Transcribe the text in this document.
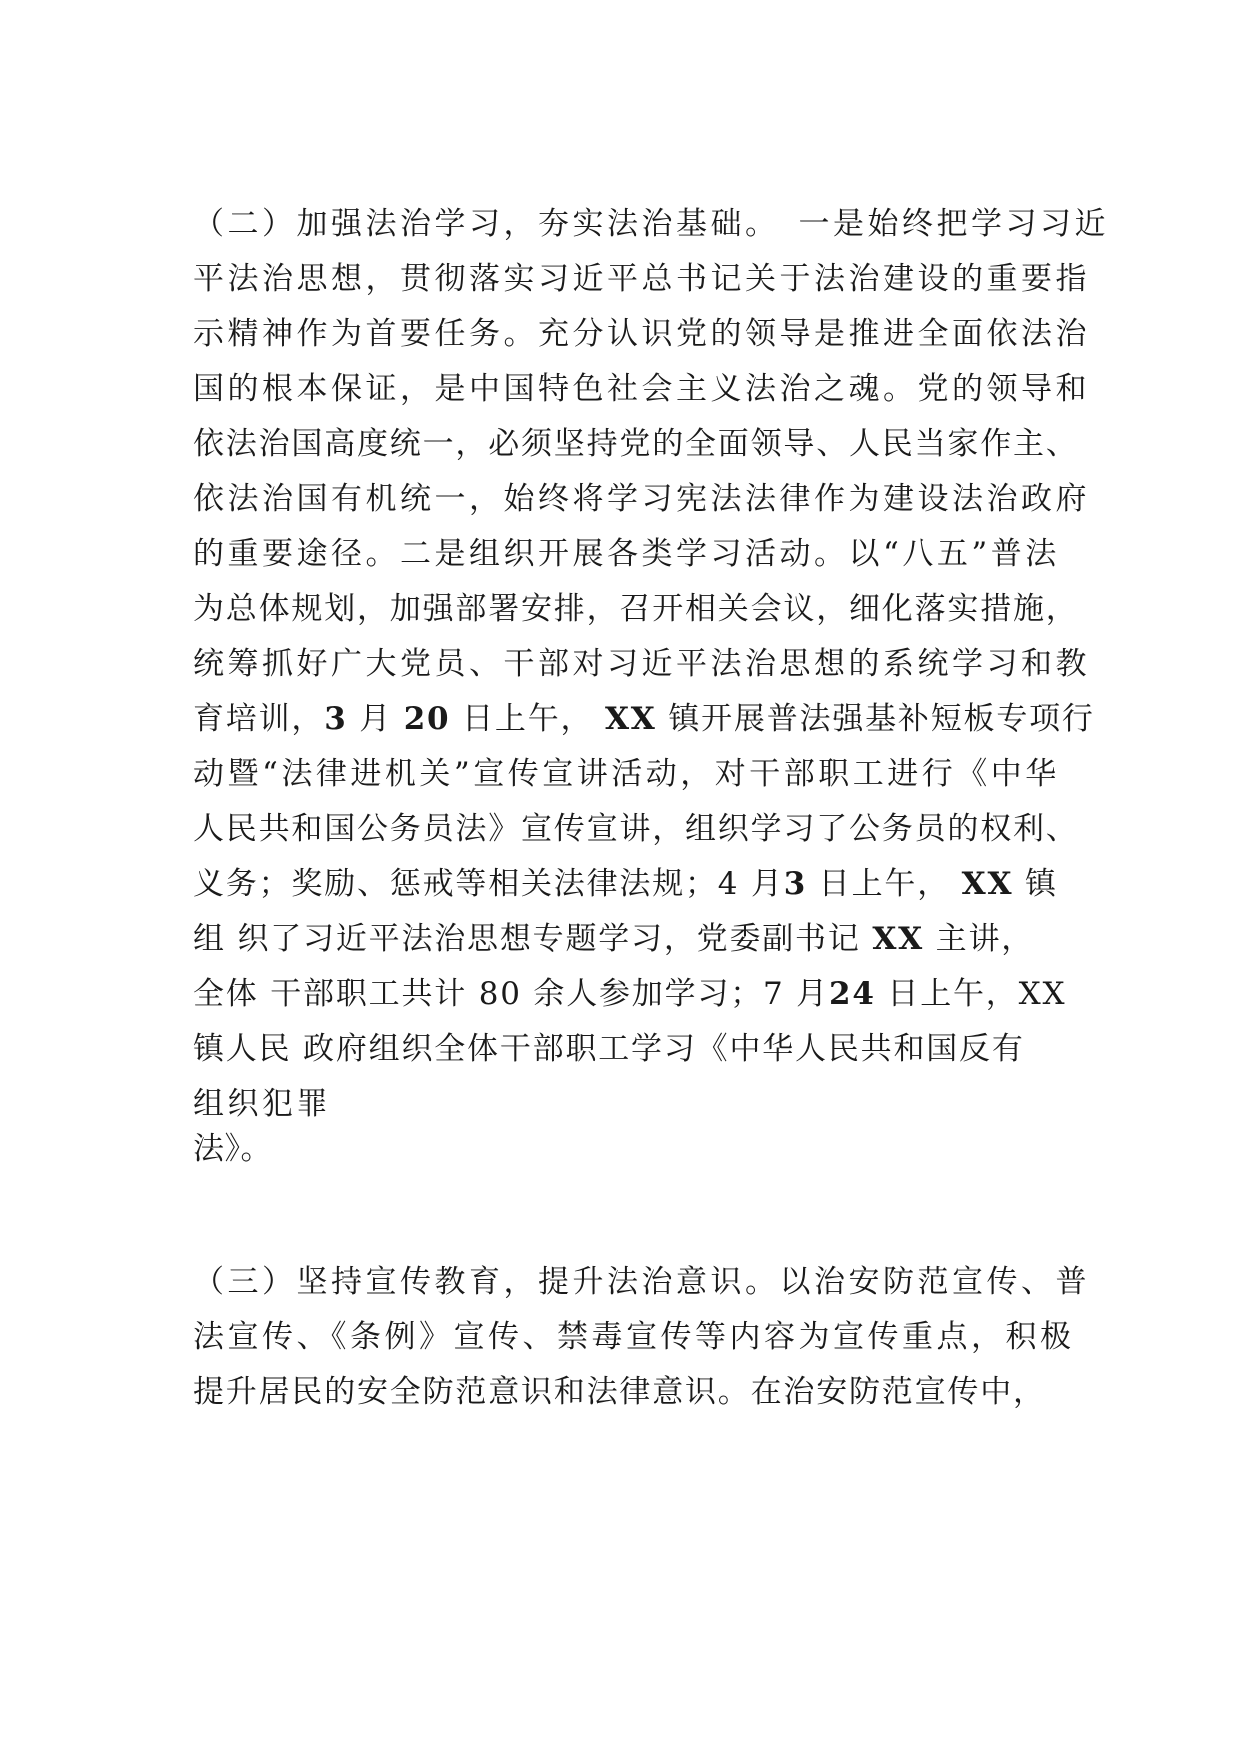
（二）加强法治学习，夯实法治基础。　一是始终把学习习近
平法治思想，贯彻落实习近平总书记关于法治建设的重要指
示精神作为首要任务。充分认识党的领导是推进全面依法治
国的根本保证，是中国特色社会主义法治之魂。党的领导和
依法治国高度统一，必须坚持党的全面领导、人民当家作主、
依法治国有机统一，始终将学习宪法法律作为建设法治政府
的重要途径。二是组织开展各类学习活动。以“八五”普法
为总体规划，加强部署安排，召开相关会议，细化落实措施，
统筹抓好广大党员、干部对习近平法治思想的系统学习和教
育培训，3 月 20 日上午， XX 镇开展普法强基补短板专项行
动暨“法律进机关”宣传宣讲活动，对干部职工进行《中华
人民共和国公务员法》宣传宣讲，组织学习了公务员的权利、
义务；奖励、惩戒等相关法律法规；4 月3 日上午， XX 镇
组 织了习近平法治思想专题学习，党委副书记 XX 主讲，
全体 干部职工共计 80 余人参加学习；7 月24 日上午，XX
镇人民 政府组织全体干部职工学习《中华人民共和国反有
组织犯罪
法》。
（三）坚持宣传教育，提升法治意识。以治安防范宣传、普
法宣传、《条例》宣传、禁毒宣传等内容为宣传重点，积极
提升居民的安全防范意识和法律意识。在治安防范宣传中，
